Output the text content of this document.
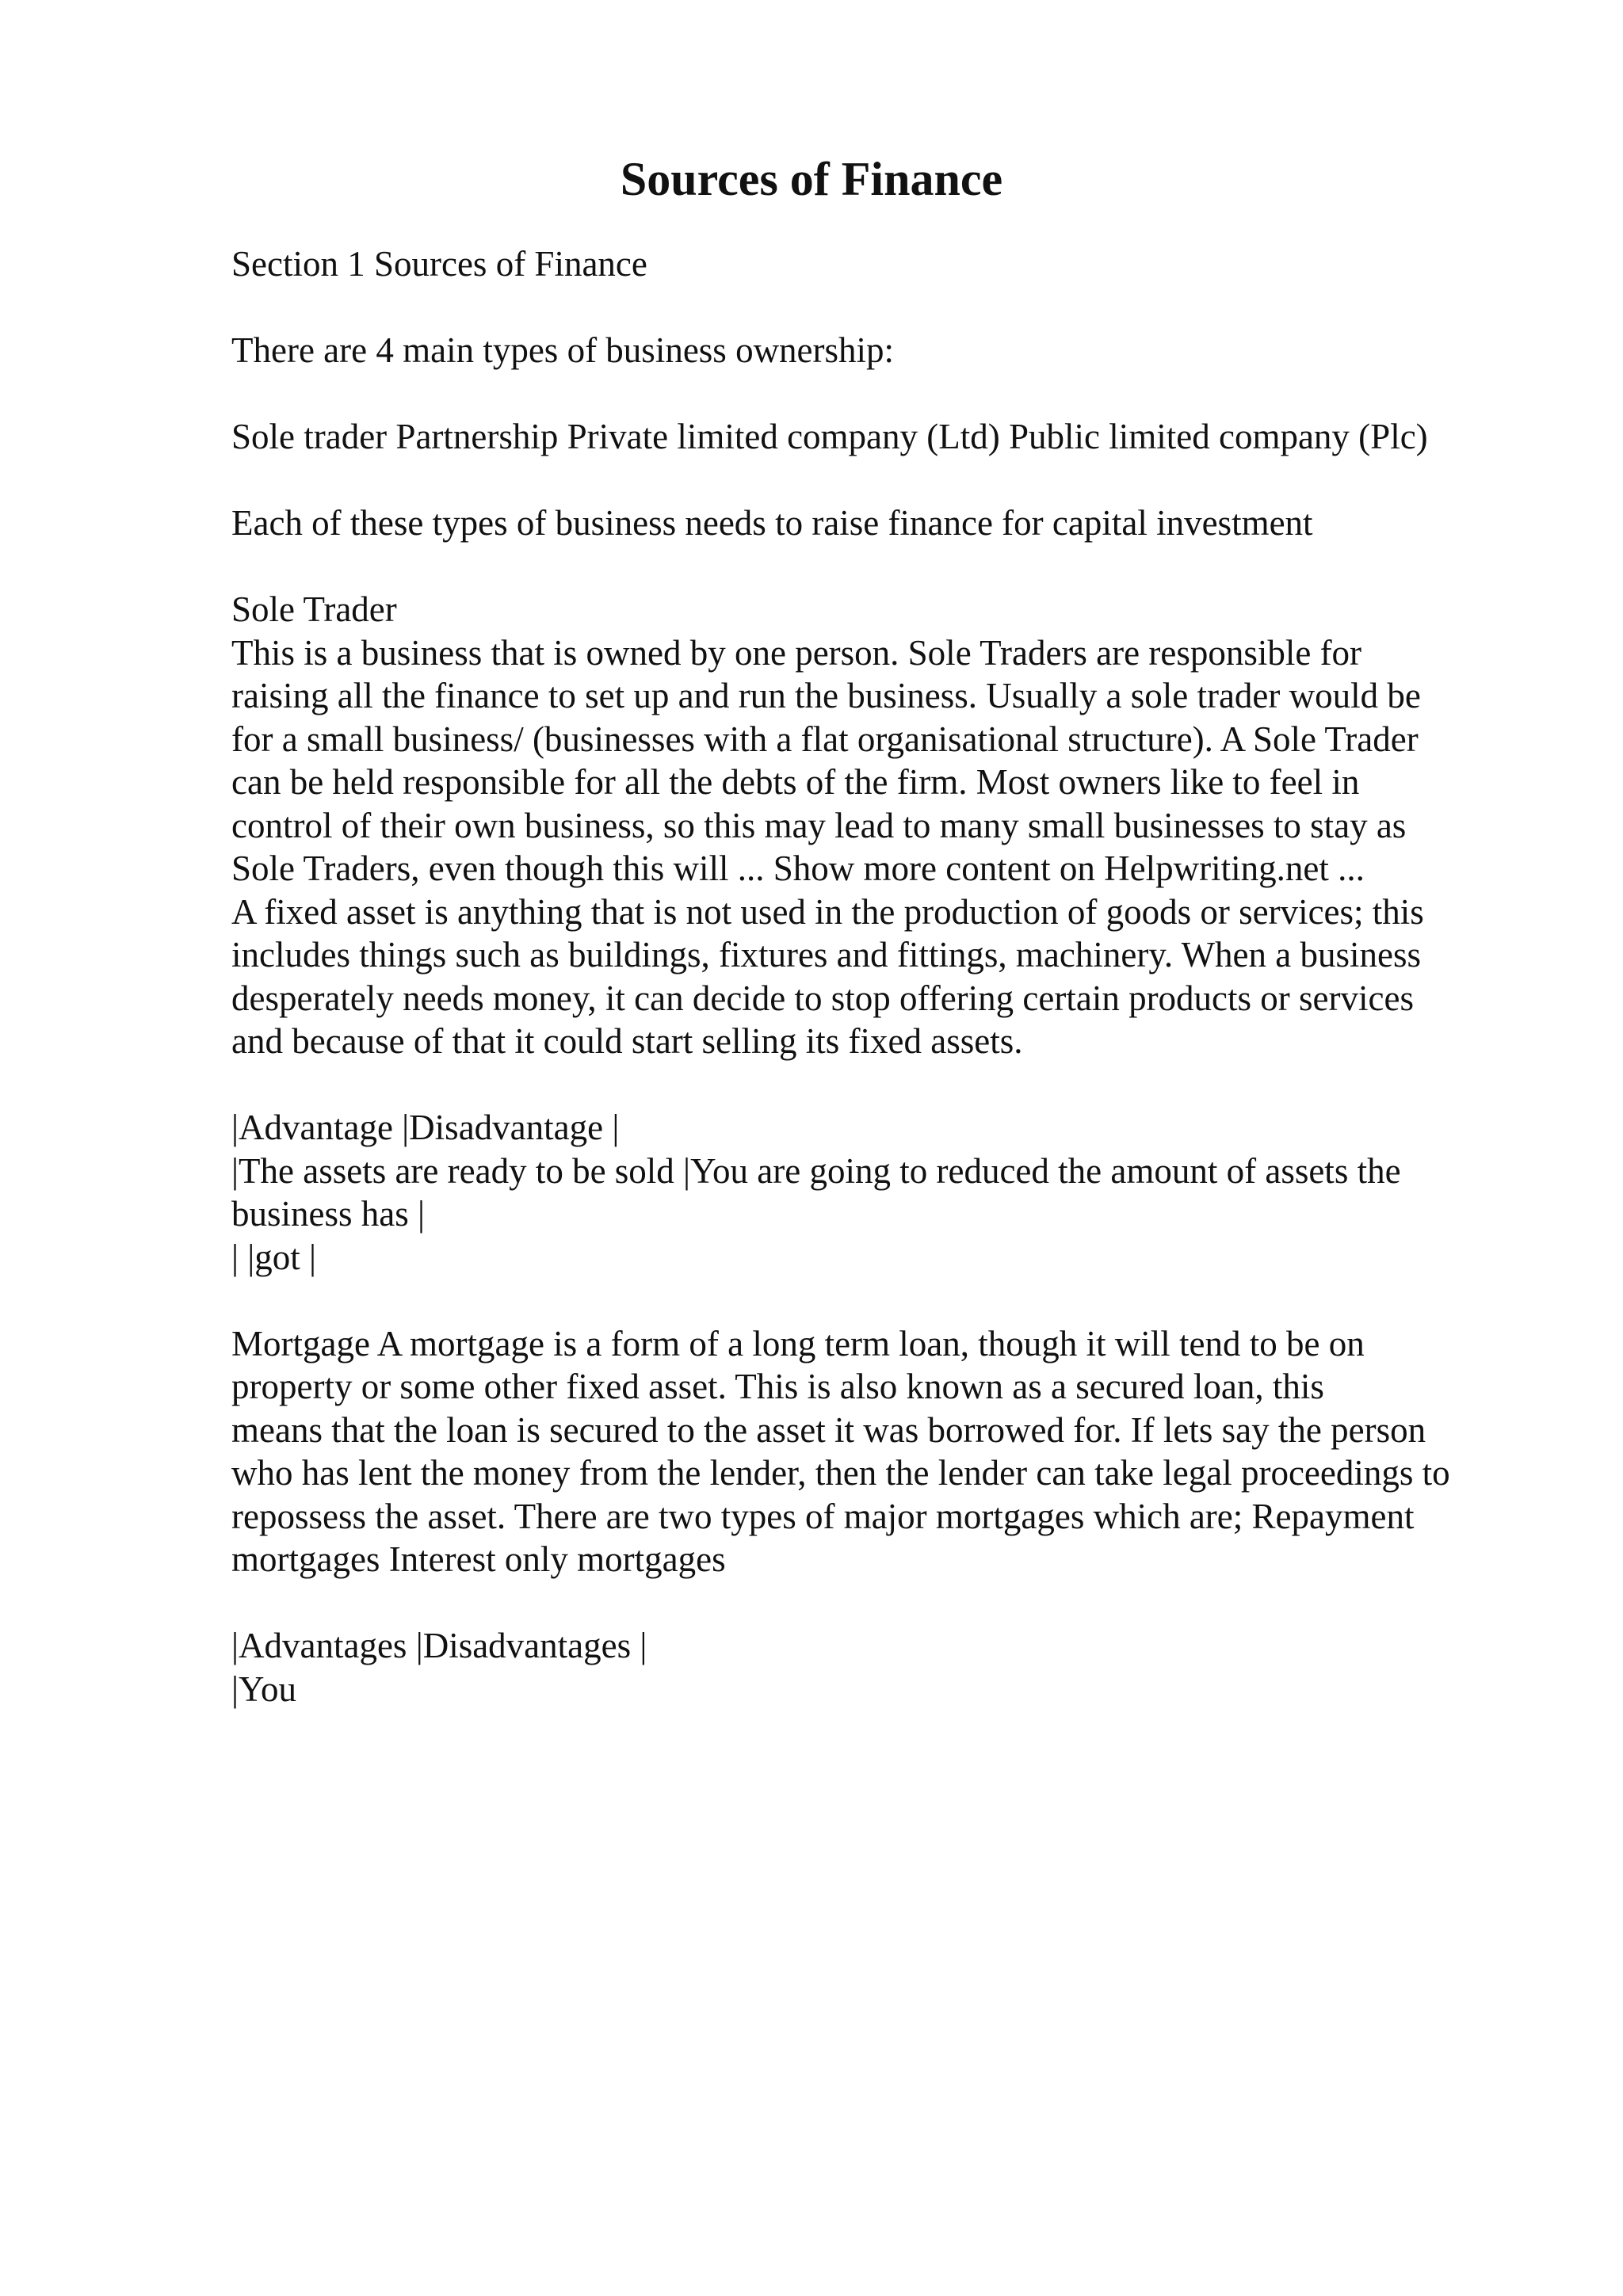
Sources of Finance

Section 1 Sources of Finance

There are 4 main types of business ownership:

Sole trader Partnership Private limited company (Ltd) Public limited company (Plc)

Each of these types of business needs to raise finance for capital investment

Sole Trader
This is a business that is owned by one person. Sole Traders are responsible for
raising all the finance to set up and run the business. Usually a sole trader would be
for a small business/ (businesses with a flat organisational structure). A Sole Trader
can be held responsible for all the debts of the firm. Most owners like to feel in
control of their own business, so this may lead to many small businesses to stay as
Sole Traders, even though this will ... Show more content on Helpwriting.net ...
A fixed asset is anything that is not used in the production of goods or services; this
includes things such as buildings, fixtures and fittings, machinery. When a business
desperately needs money, it can decide to stop offering certain products or services
and because of that it could start selling its fixed assets.

|Advantage |Disadvantage |
|The assets are ready to be sold |You are going to reduced the amount of assets the
business has |
| |got |

Mortgage A mortgage is a form of a long term loan, though it will tend to be on
property or some other fixed asset. This is also known as a secured loan, this
means that the loan is secured to the asset it was borrowed for. If lets say the person
who has lent the money from the lender, then the lender can take legal proceedings to
repossess the asset. There are two types of major mortgages which are; Repayment
mortgages Interest only mortgages

|Advantages |Disadvantages |
|You
